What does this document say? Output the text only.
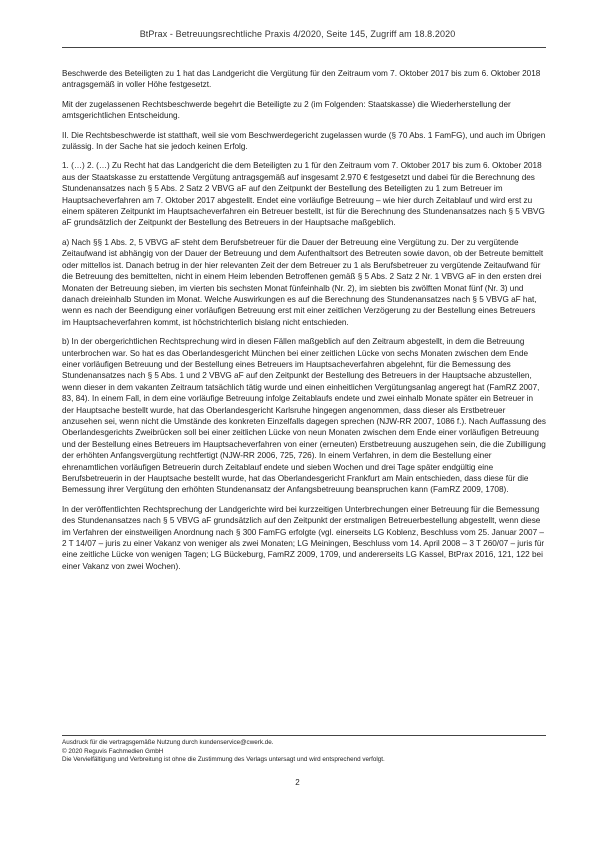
BtPrax - Betreuungsrechtliche Praxis 4/2020, Seite 145, Zugriff am 18.8.2020

Beschwerde des Beteiligten zu 1 hat das Landgericht die Vergütung für den Zeitraum vom 7. Oktober 2017 bis zum 6. Oktober 2018 antragsgemäß in voller Höhe festgesetzt.

Mit der zugelassenen Rechtsbeschwerde begehrt die Beteiligte zu 2 (im Folgenden: Staatskasse) die Wiederherstellung der amtsgerichtlichen Entscheidung.

II. Die Rechtsbeschwerde ist statthaft, weil sie vom Beschwerdegericht zugelassen wurde (§ 70 Abs. 1 FamFG), und auch im Übrigen zulässig. In der Sache hat sie jedoch keinen Erfolg.

1. (…) 2. (…) Zu Recht hat das Landgericht die dem Beteiligten zu 1 für den Zeitraum vom 7. Oktober 2017 bis zum 6. Oktober 2018 aus der Staatskasse zu erstattende Vergütung antragsgemäß auf insgesamt 2.970 € festgesetzt und dabei für die Berechnung des Stundenansatzes nach § 5 Abs. 2 Satz 2 VBVG aF auf den Zeitpunkt der Bestellung des Beteiligten zu 1 zum Betreuer im Hauptsacheverfahren am 7. Oktober 2017 abgestellt. Endet eine vorläufige Betreuung – wie hier durch Zeitablauf und wird erst zu einem späteren Zeitpunkt im Hauptsacheverfahren ein Betreuer bestellt, ist für die Berechnung des Stundenansatzes nach § 5 VBVG aF grundsätzlich der Zeitpunkt der Bestellung des Betreuers in der Hauptsache maßgeblich.

a) Nach §§ 1 Abs. 2, 5 VBVG aF steht dem Berufsbetreuer für die Dauer der Betreuung eine Vergütung zu. Der zu vergütende Zeitaufwand ist abhängig von der Dauer der Betreuung und dem Aufenthaltsort des Betreuten sowie davon, ob der Betreute bemittelt oder mittellos ist. Danach betrug in der hier relevanten Zeit der dem Betreuer zu 1 als Berufsbetreuer zu vergütende Zeitaufwand für die Betreuung des bemittelten, nicht in einem Heim lebenden Betroffenen gemäß § 5 Abs. 2 Satz 2 Nr. 1 VBVG aF in den ersten drei Monaten der Betreuung sieben, im vierten bis sechsten Monat fünfeinhalb (Nr. 2), im siebten bis zwölften Monat fünf (Nr. 3) und danach dreieinhalb Stunden im Monat. Welche Auswirkungen es auf die Berechnung des Stundenansatzes nach § 5 VBVG aF hat, wenn es nach der Beendigung einer vorläufigen Betreuung erst mit einer zeitlichen Verzögerung zu der Bestellung eines Betreuers im Hauptsacheverfahren kommt, ist höchstrichterlich bislang nicht entschieden.

b) In der obergerichtlichen Rechtsprechung wird in diesen Fällen maßgeblich auf den Zeitraum abgestellt, in dem die Betreuung unterbrochen war. So hat es das Oberlandesgericht München bei einer zeitlichen Lücke von sechs Monaten zwischen dem Ende einer vorläufigen Betreuung und der Bestellung eines Betreuers im Hauptsacheverfahren abgelehnt, für die Bemessung des Stundenansatzes nach § 5 Abs. 1 und 2 VBVG aF auf den Zeitpunkt der Bestellung des Betreuers in der Hauptsache abzustellen, wenn dieser in dem vakanten Zeitraum tatsächlich tätig wurde und einen einheitlichen Vergütungsanlag angeregt hat (FamRZ 2007, 83, 84). In einem Fall, in dem eine vorläufige Betreuung infolge Zeitablaufs endete und zwei einhalb Monate später ein Betreuer in der Hauptsache bestellt wurde, hat das Oberlandesgericht Karlsruhe hingegen angenommen, dass dieser als Erstbetreuer anzusehen sei, wenn nicht die Umstände des konkreten Einzelfalls dagegen sprechen (NJW-RR 2007, 1086 f.). Nach Auffassung des Oberlandesgerichts Zweibrücken soll bei einer zeitlichen Lücke von neun Monaten zwischen dem Ende einer vorläufigen Betreuung und der Bestellung eines Betreuers im Hauptsacheverfahren von einer (erneuten) Erstbetreuung auszugehen sein, die die Zubilligung der erhöhten Anfangsvergütung rechtfertigt (NJW-RR 2006, 725, 726). In einem Verfahren, in dem die Bestellung einer ehrenamtlichen vorläufigen Betreuerin durch Zeitablauf endete und sieben Wochen und drei Tage später endgültig eine Berufsbetreuerin in der Hauptsache bestellt wurde, hat das Oberlandesgericht Frankfurt am Main entschieden, dass diese für die Bemessung ihrer Vergütung den erhöhten Stundenansatz der Anfangsbetreuung beanspruchen kann (FamRZ 2009, 1708).

In der veröffentlichten Rechtsprechung der Landgerichte wird bei kurzzeitigen Unterbrechungen einer Betreuung für die Bemessung des Stundenansatzes nach § 5 VBVG aF grundsätzlich auf den Zeitpunkt der erstmaligen Betreuerbestellung abgestellt, wenn diese im Verfahren der einstweiligen Anordnung nach § 300 FamFG erfolgte (vgl. einerseits LG Koblenz, Beschluss vom 25. Januar 2007 – 2 T 14/07 – juris zu einer Vakanz von weniger als zwei Monaten; LG Meiningen, Beschluss vom 14. April 2008 – 3 T 260/07 – juris für eine zeitliche Lücke von wenigen Tagen; LG Bückeburg, FamRZ 2009, 1709, und andererseits LG Kassel, BtPrax 2016, 121, 122 bei einer Vakanz von zwei Wochen).

Ausdruck für die vertragsgemäße Nutzung durch kundenservice@cwerk.de.
© 2020 Reguvis Fachmedien GmbH
Die Vervielfältigung und Verbreitung ist ohne die Zustimmung des Verlags untersagt und wird entsprechend verfolgt.
2
